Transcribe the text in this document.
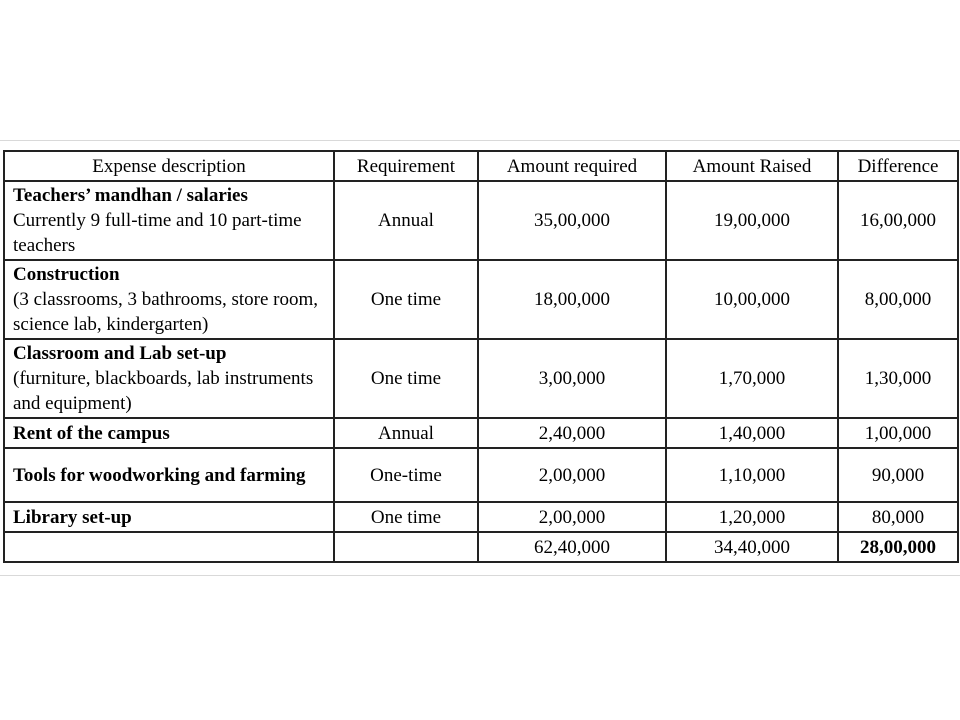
Expense description	Requirement	Amount required	Amount Raised	Difference

Teachers’ mandhan / salaries
Currently 9 full-time and 10 part-time teachers	Annual	35,00,000	19,00,000	16,00,000

Construction
(3 classrooms, 3 bathrooms, store room, science lab, kindergarten)	One time	18,00,000	10,00,000	8,00,000

Classroom and Lab set-up
(furniture, blackboards, lab instruments and equipment)	One time	3,00,000	1,70,000	1,30,000

Rent of the campus	Annual	2,40,000	1,40,000	1,00,000

Tools for woodworking and farming	One-time	2,00,000	1,10,000	90,000

Library set-up	One time	2,00,000	1,20,000	80,000
		62,40,000	34,40,000	28,00,000
